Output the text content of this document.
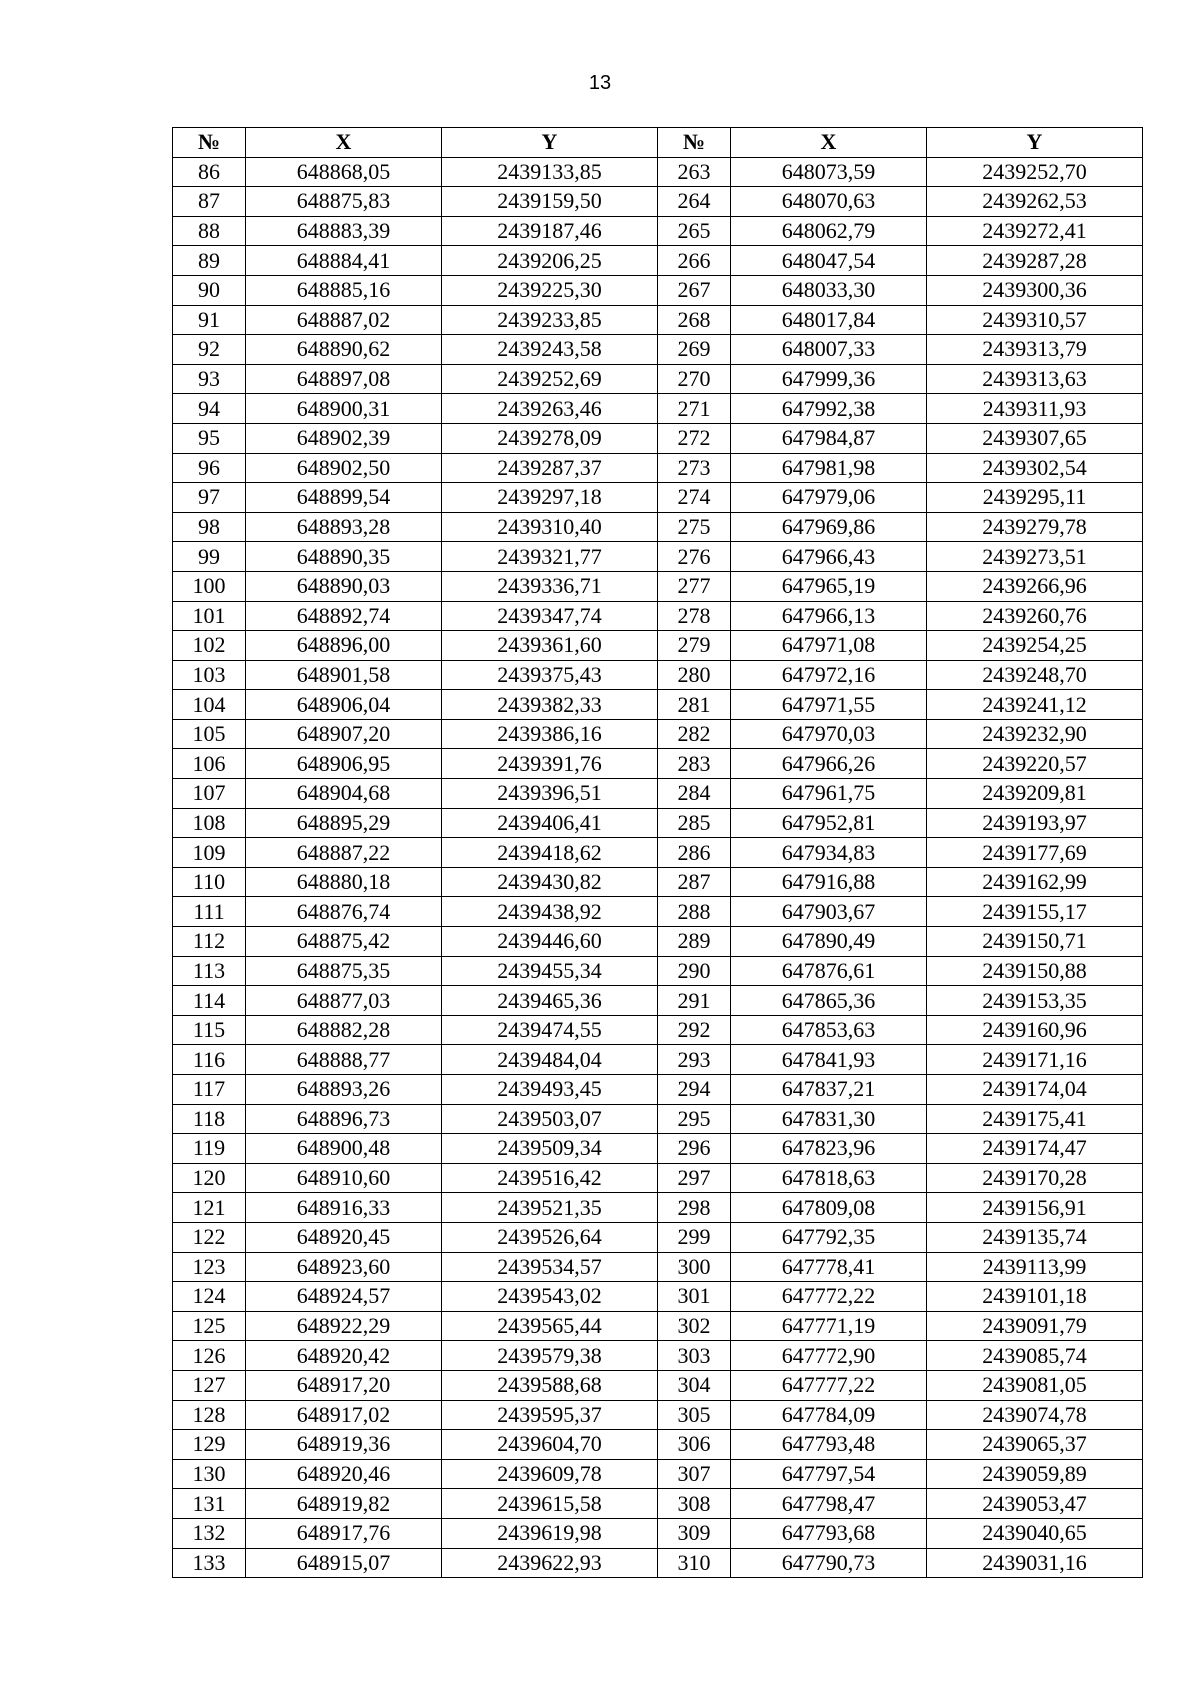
13
№	X	Y	№	X	Y
86	648868,05	2439133,85	263	648073,59	2439252,70
87	648875,83	2439159,50	264	648070,63	2439262,53
88	648883,39	2439187,46	265	648062,79	2439272,41
89	648884,41	2439206,25	266	648047,54	2439287,28
90	648885,16	2439225,30	267	648033,30	2439300,36
91	648887,02	2439233,85	268	648017,84	2439310,57
92	648890,62	2439243,58	269	648007,33	2439313,79
93	648897,08	2439252,69	270	647999,36	2439313,63
94	648900,31	2439263,46	271	647992,38	2439311,93
95	648902,39	2439278,09	272	647984,87	2439307,65
96	648902,50	2439287,37	273	647981,98	2439302,54
97	648899,54	2439297,18	274	647979,06	2439295,11
98	648893,28	2439310,40	275	647969,86	2439279,78
99	648890,35	2439321,77	276	647966,43	2439273,51
100	648890,03	2439336,71	277	647965,19	2439266,96
101	648892,74	2439347,74	278	647966,13	2439260,76
102	648896,00	2439361,60	279	647971,08	2439254,25
103	648901,58	2439375,43	280	647972,16	2439248,70
104	648906,04	2439382,33	281	647971,55	2439241,12
105	648907,20	2439386,16	282	647970,03	2439232,90
106	648906,95	2439391,76	283	647966,26	2439220,57
107	648904,68	2439396,51	284	647961,75	2439209,81
108	648895,29	2439406,41	285	647952,81	2439193,97
109	648887,22	2439418,62	286	647934,83	2439177,69
110	648880,18	2439430,82	287	647916,88	2439162,99
111	648876,74	2439438,92	288	647903,67	2439155,17
112	648875,42	2439446,60	289	647890,49	2439150,71
113	648875,35	2439455,34	290	647876,61	2439150,88
114	648877,03	2439465,36	291	647865,36	2439153,35
115	648882,28	2439474,55	292	647853,63	2439160,96
116	648888,77	2439484,04	293	647841,93	2439171,16
117	648893,26	2439493,45	294	647837,21	2439174,04
118	648896,73	2439503,07	295	647831,30	2439175,41
119	648900,48	2439509,34	296	647823,96	2439174,47
120	648910,60	2439516,42	297	647818,63	2439170,28
121	648916,33	2439521,35	298	647809,08	2439156,91
122	648920,45	2439526,64	299	647792,35	2439135,74
123	648923,60	2439534,57	300	647778,41	2439113,99
124	648924,57	2439543,02	301	647772,22	2439101,18
125	648922,29	2439565,44	302	647771,19	2439091,79
126	648920,42	2439579,38	303	647772,90	2439085,74
127	648917,20	2439588,68	304	647777,22	2439081,05
128	648917,02	2439595,37	305	647784,09	2439074,78
129	648919,36	2439604,70	306	647793,48	2439065,37
130	648920,46	2439609,78	307	647797,54	2439059,89
131	648919,82	2439615,58	308	647798,47	2439053,47
132	648917,76	2439619,98	309	647793,68	2439040,65
133	648915,07	2439622,93	310	647790,73	2439031,16
